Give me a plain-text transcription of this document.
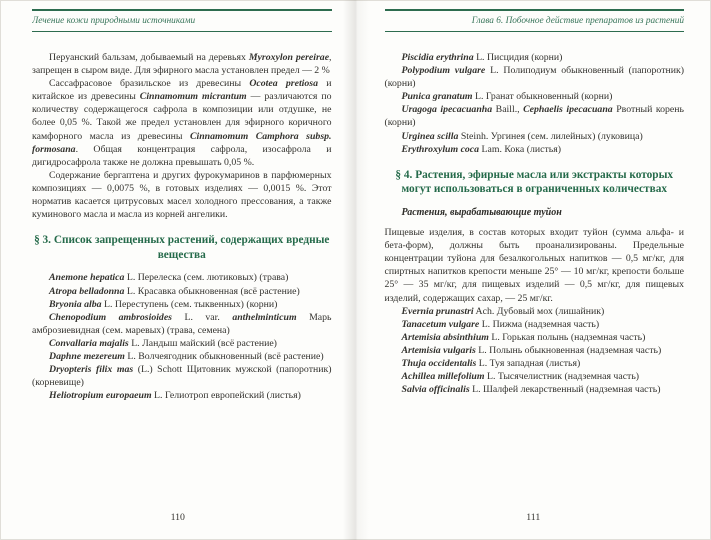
Лечение кожи природными источниками

Перуанский бальзам, добываемый на деревьях Myroxylon pereirae, запрещен в сыром виде. Для эфирного масла установлен предел — 2 %

Сассафрасовое бразильское из древесины Ocotea pretiosa и китайское из древесины Cinnamomum micrantum — различаются по количеству содержащегося сафрола в композиции или отдушке, не более 0,05 %. Такой же предел установлен для эфирного коричного камфорного масла из древесины Cinnamomum Camphora subsp. formosana. Общая концентрация сафрола, изосафрола и дигидросафрола также не должна превышать 0,05 %.

Содержание бергаптена и других фурокумаринов в парфюмерных композициях — 0,0075 %, в готовых изделиях — 0,0015 %. Этот норматив касается цитрусовых масел холодного прессования, а также куминового масла и масла из корней ангелики.

§ 3. Список запрещенных растений, содержащих вредные вещества

Anemone hepatica L. Перелеска (сем. лютиковых) (трава)

Atropa belladonna L. Красавка обыкновенная (всё растение)

Bryonia alba L. Переступень (сем. тыквенных) (корни)

Chenopodium ambrosioides L. var. anthelminticum Марь амброзиевидная (сем. маревых) (трава, семена)

Convallaria majalis L. Ландыш майский (всё растение)

Daphne mezereum L. Волчеягодник обыкновенный (всё растение)

Dryopteris filix mas (L.) Schott Щитовник мужской (папоротник) (корневище)

Heliotropium europaeum L. Гелиотроп европейский (листья)

110
Глава 6. Побочное действие препаратов из растений

Piscidia erythrina L. Писцидия (корни)

Polypodium vulgare L. Полиподиум обыкновенный (папоротник) (корни)

Punica granatum L. Гранат обыкновенный (корни)

Uragoga ipecacuanha Baill., Cephaelis ipecacuana Рвотный корень (корни)

Urginea scilla Steinh. Ургинея (сем. лилейных) (луковица)

Erythroxylum coca Lam. Кока (листья)

§ 4. Растения, эфирные масла или экстракты которых могут использоваться в ограниченных количествах

Растения, вырабатывающие туйон

Пищевые изделия, в состав которых входит туйон (сумма альфа- и бета-форм), должны быть проанализированы. Предельные концентрации туйона для безалкогольных напитков — 0,5 мг/кг, для спиртных напитков крепости меньше 25° — 10 мг/кг, крепости больше 25° — 35 мг/кг, для пищевых изделий — 0,5 мг/кг, для пищевых изделий, содержащих сахар, — 25 мг/кг.

Evernia prunastri Ach. Дубовый мох (лишайник)

Tanacetum vulgare L. Пижма (надземная часть)

Artemisia absinthium L. Горькая полынь (надземная часть)

Artemisia vulgaris L. Полынь обыкновенная (надземная часть)

Thuja occidentalis L. Туя западная (листья)

Achillea millefolium L. Тысячелистник (надземная часть)

Salvia officinalis L. Шалфей лекарственный (надземная часть)

111
